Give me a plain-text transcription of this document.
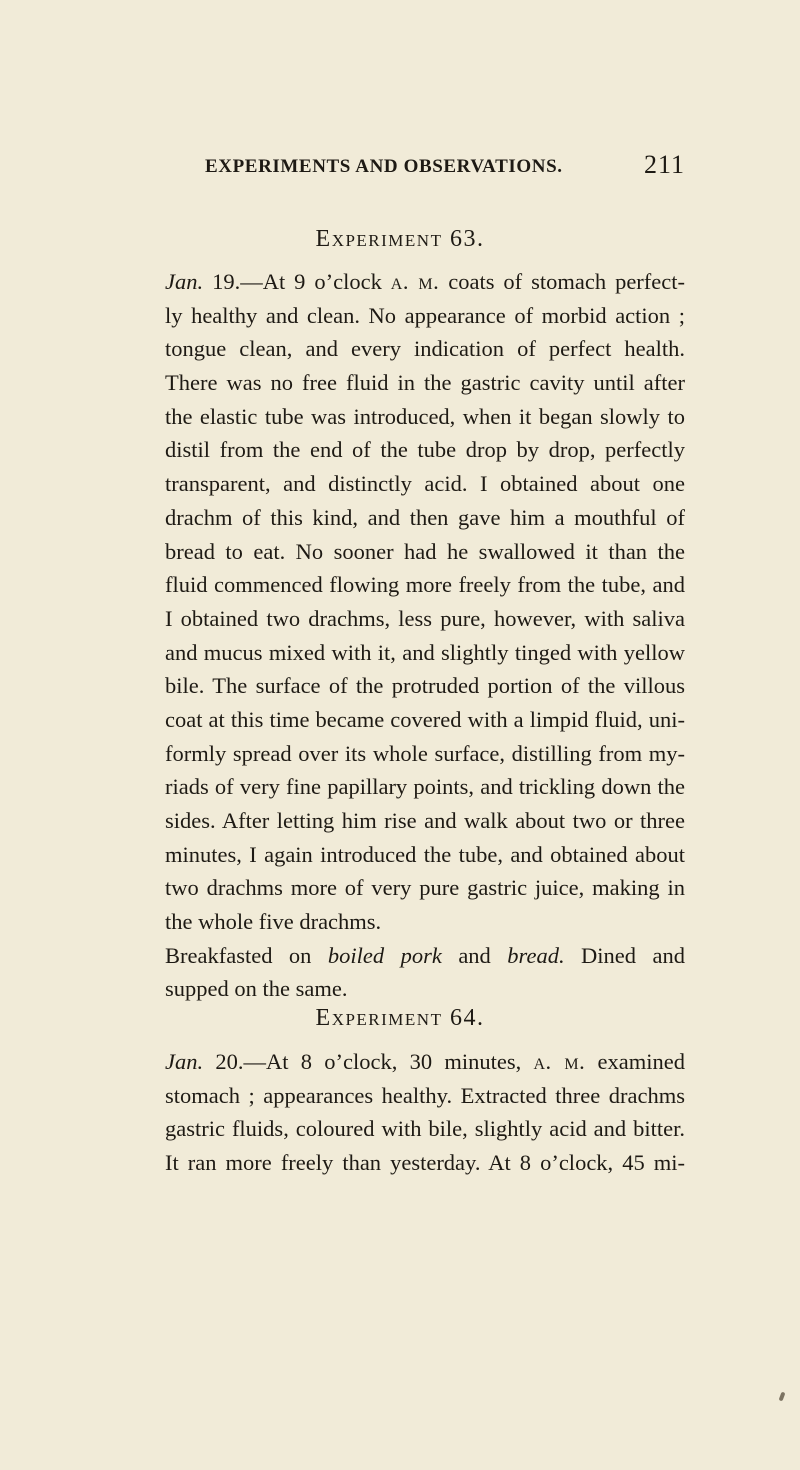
EXPERIMENTS AND OBSERVATIONS.	211
Experiment 63.
Jan. 19.—At 9 o’clock a. m. coats of stomach perfect-
ly healthy and clean. No appearance of morbid action ;
tongue clean, and every indication of perfect health.
There was no free fluid in the gastric cavity until after
the elastic tube was introduced, when it began slowly to
distil from the end of the tube drop by drop, perfectly
transparent, and distinctly acid. I obtained about one
drachm of this kind, and then gave him a mouthful of
bread to eat. No sooner had he swallowed it than the
fluid commenced flowing more freely from the tube, and
I obtained two drachms, less pure, however, with saliva
and mucus mixed with it, and slightly tinged with yellow
bile. The surface of the protruded portion of the villous
coat at this time became covered with a limpid fluid, uni-
formly spread over its whole surface, distilling from my-
riads of very fine papillary points, and trickling down the
sides. After letting him rise and walk about two or three
minutes, I again introduced the tube, and obtained about
two drachms more of very pure gastric juice, making in
the whole five drachms.
Breakfasted on boiled pork and bread. Dined and
supped on the same.
Experiment 64.
Jan. 20.—At 8 o’clock, 30 minutes, a. m. examined
stomach ; appearances healthy. Extracted three drachms
gastric fluids, coloured with bile, slightly acid and bitter.
It ran more freely than yesterday. At 8 o’clock, 45 mi-
